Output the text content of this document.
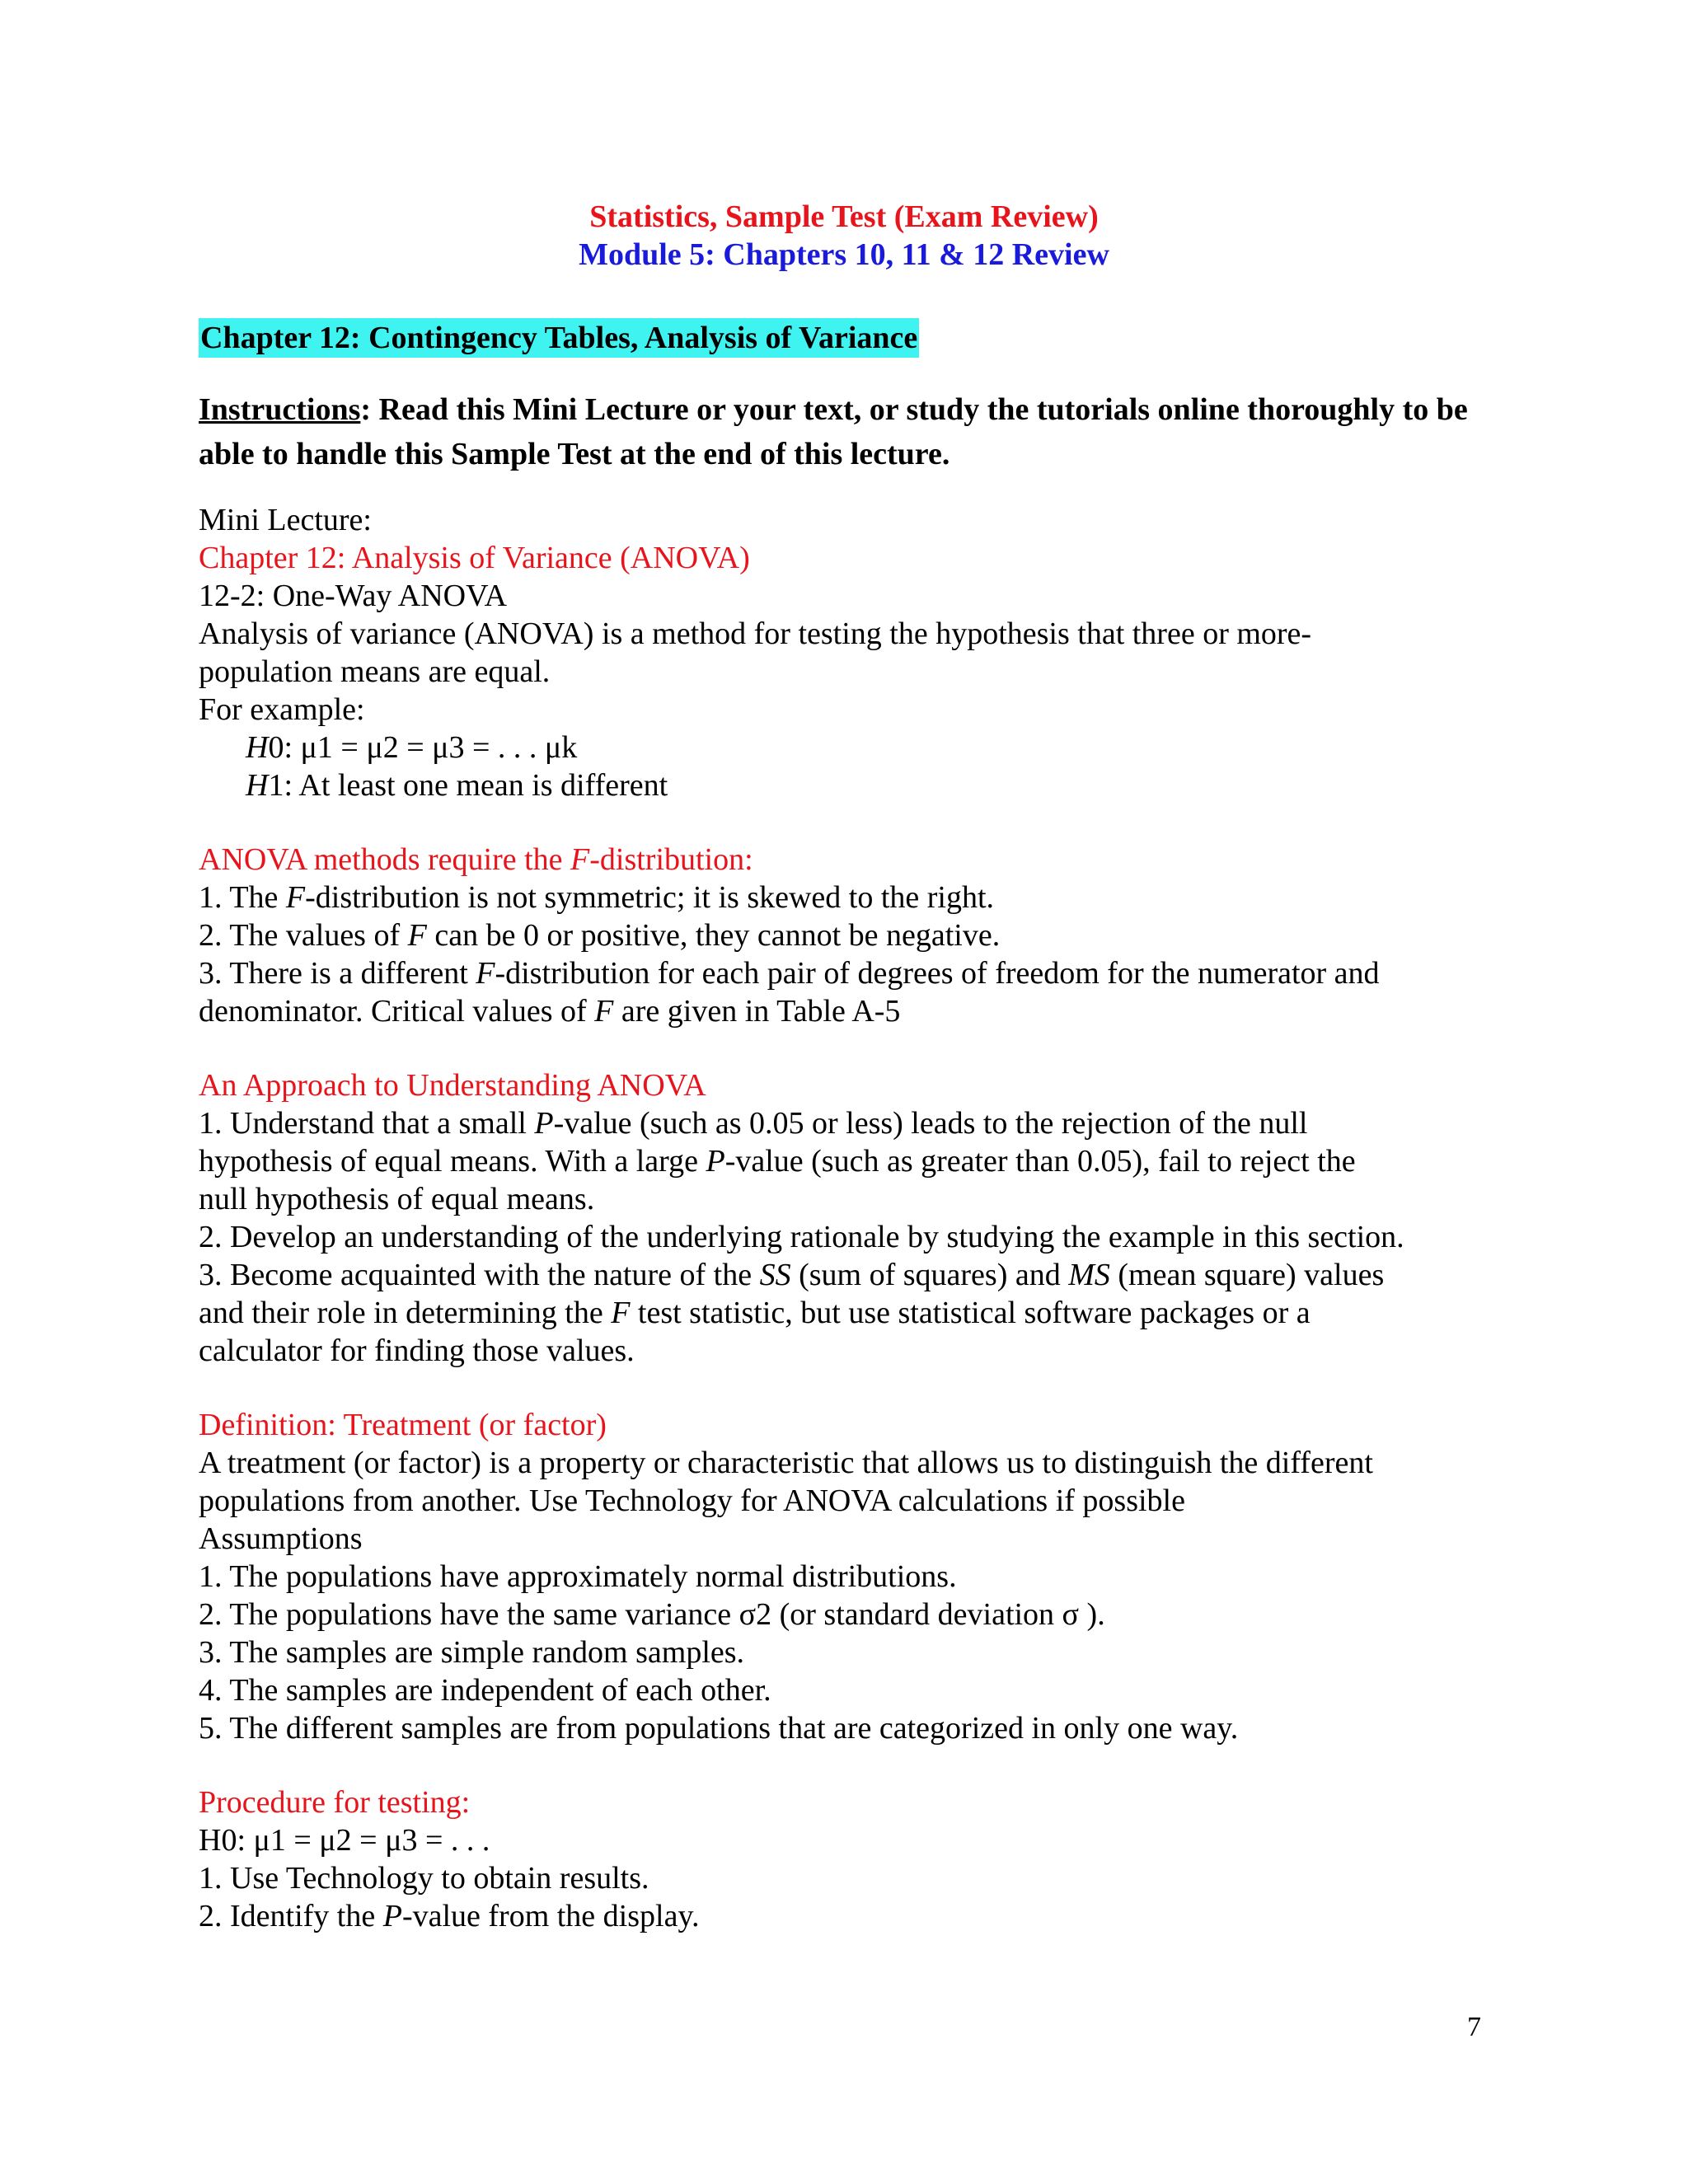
Statistics, Sample Test (Exam Review)
Module 5: Chapters 10, 11 & 12 Review
Chapter 12: Contingency Tables, Analysis of Variance
Instructions: Read this Mini Lecture or your text, or study the tutorials online thoroughly to be able to handle this Sample Test at the end of this lecture.
Mini Lecture:
Chapter 12: Analysis of Variance (ANOVA)
12-2: One-Way ANOVA
Analysis of variance (ANOVA) is a method for testing the hypothesis that three or more-
population means are equal.
For example:
H0: μ1 = μ2 = μ3 = . . . μk
H1: At least one mean is different
ANOVA methods require the F-distribution:
1. The F-distribution is not symmetric; it is skewed to the right.
2. The values of F can be 0 or positive, they cannot be negative.
3. There is a different F-distribution for each pair of degrees of freedom for the numerator and
denominator. Critical values of F are given in Table A-5
An Approach to Understanding ANOVA
1. Understand that a small P-value (such as 0.05 or less) leads to the rejection of the null
hypothesis of equal means. With a large P-value (such as greater than 0.05), fail to reject the
null hypothesis of equal means.
2. Develop an understanding of the underlying rationale by studying the example in this section.
3. Become acquainted with the nature of the SS (sum of squares) and MS (mean square) values
and their role in determining the F test statistic, but use statistical software packages or a
calculator for finding those values.
Definition: Treatment (or factor)
A treatment (or factor) is a property or characteristic that allows us to distinguish the different
populations from another. Use Technology for ANOVA calculations if possible
Assumptions
1. The populations have approximately normal distributions.
2. The populations have the same variance σ2 (or standard deviation σ ).
3. The samples are simple random samples.
4. The samples are independent of each other.
5. The different samples are from populations that are categorized in only one way.
Procedure for testing:
H0: μ1 = μ2 = μ3 = . . .
1. Use Technology to obtain results.
2. Identify the P-value from the display.
7
